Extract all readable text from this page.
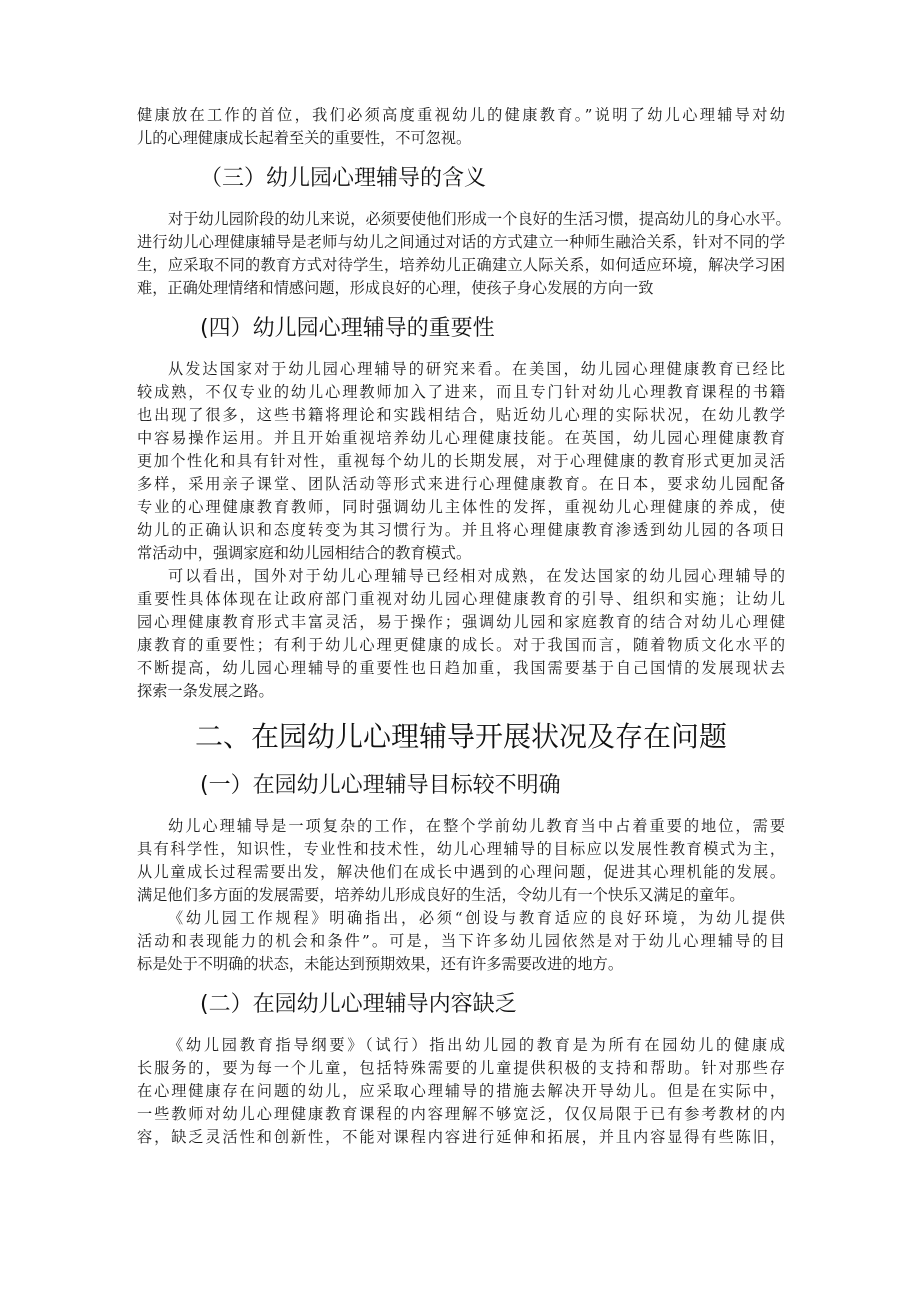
健康放在工作的首位，我们必须高度重视幼儿的健康教育。”说明了幼儿心理辅导对幼
儿的心理健康成长起着至关的重要性，不可忽视。
（三）幼儿园心理辅导的含义
对于幼儿园阶段的幼儿来说，必须要使他们形成一个良好的生活习惯，提高幼儿的身心水平。
进行幼儿心理健康辅导是老师与幼儿之间通过对话的方式建立一种师生融洽关系，针对不同的学
生，应采取不同的教育方式对待学生，培养幼儿正确建立人际关系，如何适应环境，解决学习困
难，正确处理情绪和情感问题，形成良好的心理，使孩子身心发展的方向一致
(四）幼儿园心理辅导的重要性
从发达国家对于幼儿园心理辅导的研究来看。在美国，幼儿园心理健康教育已经比
较成熟，不仅专业的幼儿心理教师加入了进来，而且专门针对幼儿心理教育课程的书籍
也出现了很多，这些书籍将理论和实践相结合，贴近幼儿心理的实际状况，在幼儿教学
中容易操作运用。并且开始重视培养幼儿心理健康技能。在英国，幼儿园心理健康教育
更加个性化和具有针对性，重视每个幼儿的长期发展，对于心理健康的教育形式更加灵活
多样，采用亲子课堂、团队活动等形式来进行心理健康教育。在日本，要求幼儿园配备
专业的心理健康教育教师，同时强调幼儿主体性的发挥，重视幼儿心理健康的养成，使
幼儿的正确认识和态度转变为其习惯行为。并且将心理健康教育渗透到幼儿园的各项日
常活动中，强调家庭和幼儿园相结合的教育模式。
可以看出，国外对于幼儿心理辅导已经相对成熟，在发达国家的幼儿园心理辅导的
重要性具体体现在让政府部门重视对幼儿园心理健康教育的引导、组织和实施；让幼儿
园心理健康教育形式丰富灵活，易于操作；强调幼儿园和家庭教育的结合对幼儿心理健
康教育的重要性；有利于幼儿心理更健康的成长。对于我国而言，随着物质文化水平的
不断提高，幼儿园心理辅导的重要性也日趋加重，我国需要基于自己国情的发展现状去
探索一条发展之路。
二、在园幼儿心理辅导开展状况及存在问题
(一）在园幼儿心理辅导目标较不明确
幼儿心理辅导是一项复杂的工作，在整个学前幼儿教育当中占着重要的地位，需要
具有科学性，知识性，专业性和技术性，幼儿心理辅导的目标应以发展性教育模式为主，
从儿童成长过程需要出发，解决他们在成长中遇到的心理问题，促进其心理机能的发展。
满足他们多方面的发展需要，培养幼儿形成良好的生活，令幼儿有一个快乐又满足的童年。
《幼儿园工作规程》明确指出，必须“创设与教育适应的良好环境，为幼儿提供
活动和表现能力的机会和条件”。可是，当下许多幼儿园依然是对于幼儿心理辅导的目
标是处于不明确的状态，未能达到预期效果，还有许多需要改进的地方。
(二）在园幼儿心理辅导内容缺乏
《幼儿园教育指导纲要》（试行）指出幼儿园的教育是为所有在园幼儿的健康成
长服务的，要为每一个儿童，包括特殊需要的儿童提供积极的支持和帮助。针对那些存
在心理健康存在问题的幼儿，应采取心理辅导的措施去解决开导幼儿。但是在实际中，
一些教师对幼儿心理健康教育课程的内容理解不够宽泛，仅仅局限于已有参考教材的内
容，缺乏灵活性和创新性，不能对课程内容进行延伸和拓展，并且内容显得有些陈旧，
